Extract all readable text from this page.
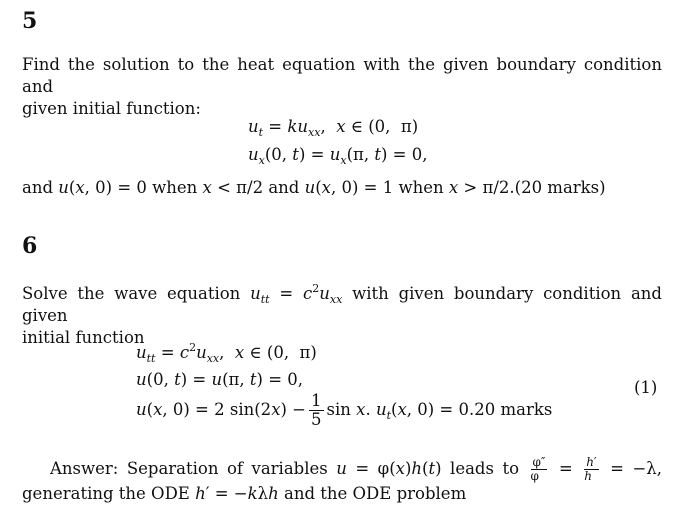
5
Find the solution to the heat equation with the given boundary condition and
given initial function:
$u_t = ku_{xx}$,  x ∈ (0,  π)
$u_x(0$, $t) = u_x(\pi$, t) = 0,
and u(x, 0) = 0 when x < π/2 and u(x, 0) = 1 when x > π/2.(20 marks)
6
Solve the wave equation $u_{tt} = c^2u_{xx}$ with given boundary condition and given
initial function
$u_{tt} = c^2u_{xx}$,  x ∈ (0,  π)
u(0, t) = u(π, t) = 0,
u(x, 0) = 2 $\sin(2x) - \frac{1}{5}$ sin x. $u_t(x$, 0) = 0.20 marks
(1)
Answer: Separation of variables u = φ(x)h(t) leads to $\frac{\varphi''}{\varphi} = \frac{h'}{h} = -\lambda$,
generating the ODE h′ = −kλh and the ODE problem
